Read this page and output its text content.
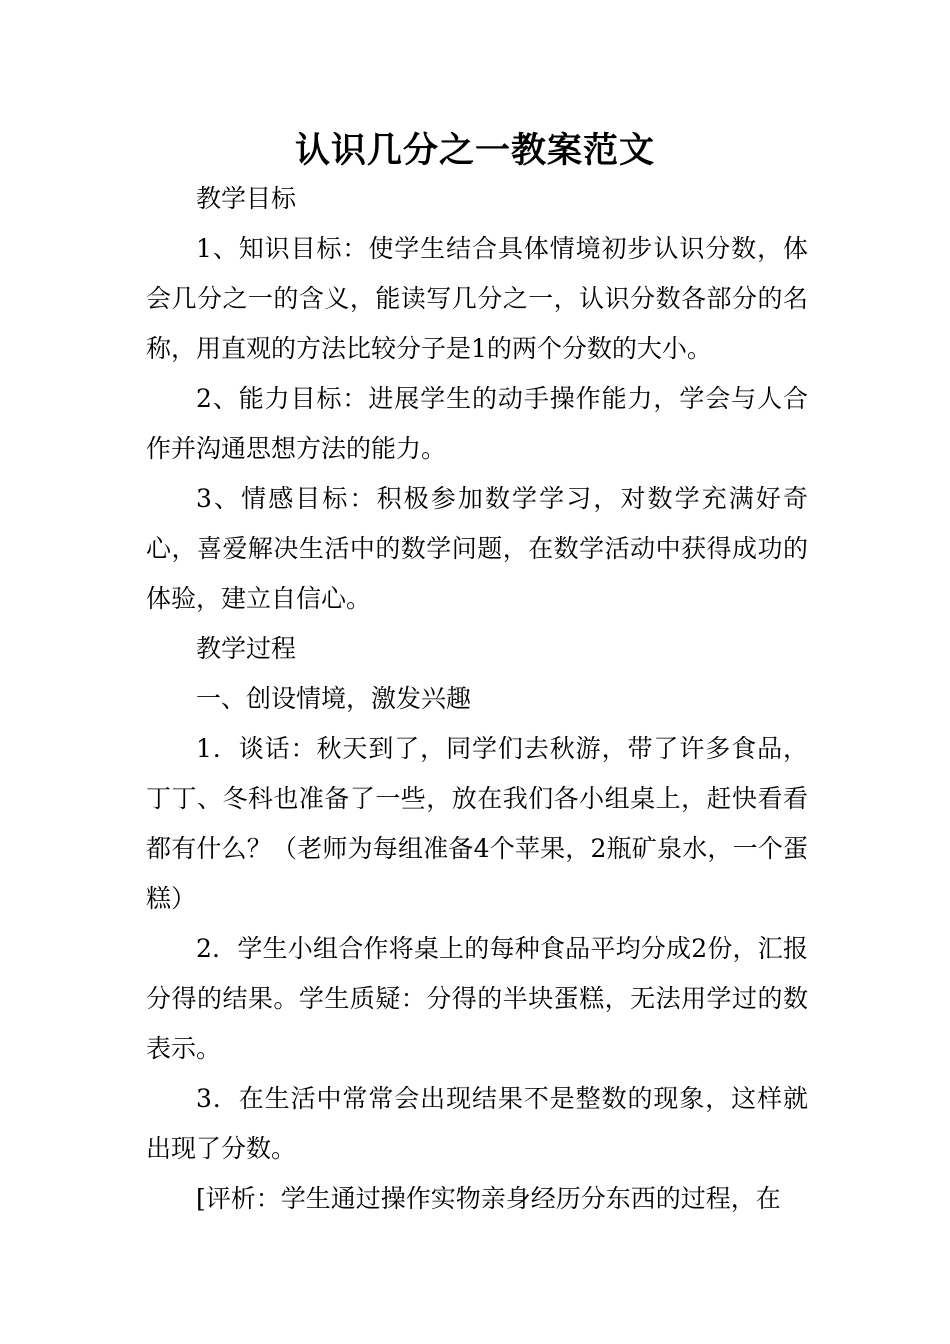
认识几分之一教案范文

教学目标

1、知识目标：使学生结合具体情境初步认识分数，体会几分之一的含义，能读写几分之一，认识分数各部分的名称，用直观的方法比较分子是1的两个分数的大小。

2、能力目标：进展学生的动手操作能力，学会与人合作并沟通思想方法的能力。

3、情感目标：积极参加数学学习，对数学充满好奇心，喜爱解决生活中的数学问题，在数学活动中获得成功的体验，建立自信心。

教学过程

一、创设情境，激发兴趣

1．谈话：秋天到了，同学们去秋游，带了许多食品，丁丁、冬科也准备了一些，放在我们各小组桌上，赶快看看都有什么？（老师为每组准备4个苹果，2瓶矿泉水，一个蛋糕）

2．学生小组合作将桌上的每种食品平均分成2份，汇报分得的结果。学生质疑：分得的半块蛋糕，无法用学过的数表示。

3．在生活中常常会出现结果不是整数的现象，这样就出现了分数。

[评析：学生通过操作实物亲身经历分东西的过程，在
